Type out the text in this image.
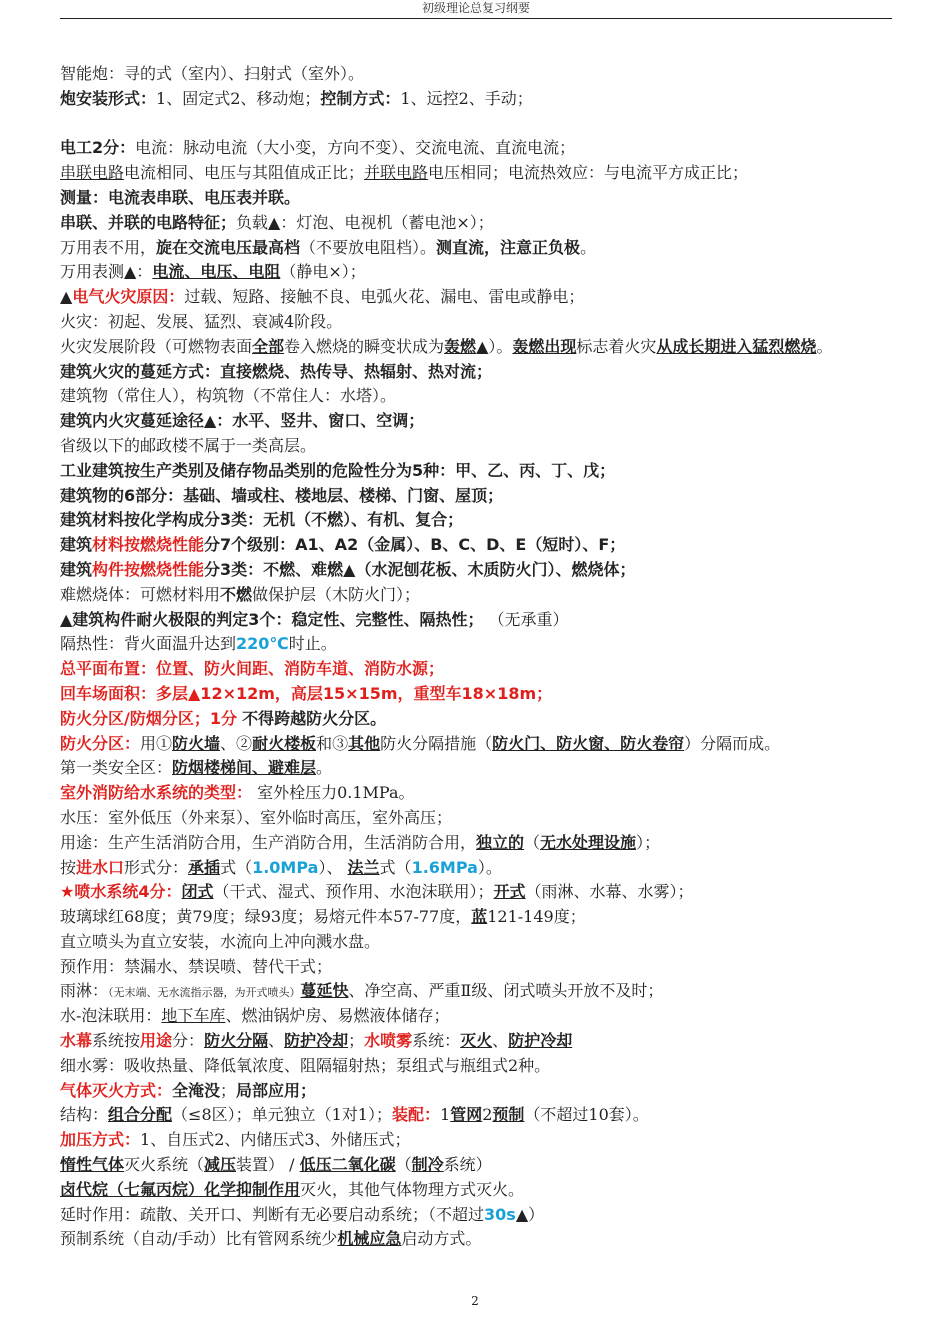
初级理论总复习纲要
智能炮：寻的式（室内）、扫射式（室外）。
炮安装形式：1、固定式2、移动炮；控制方式：1、远控2、手动；
电工2分：电流：脉动电流（大小变，方向不变）、交流电流、直流电流；
串联电路电流相同、电压与其阻值成正比；并联电路电压相同；电流热效应：与电流平方成正比；
测量：电流表串联、电压表并联。
串联、并联的电路特征；负载▲：灯泡、电视机（蓄电池×）；
万用表不用，旋在交流电压最高档（不要放电阻档）。测直流，注意正负极。
万用表测▲：电流、电压、电阻（静电×）；
▲电气火灾原因：过载、短路、接触不良、电弧火花、漏电、雷电或静电；
火灾：初起、发展、猛烈、衰减4阶段。
火灾发展阶段（可燃物表面全部卷入燃烧的瞬变状成为轰燃▲）。轰燃出现标志着火灾从成长期进入猛烈燃烧。
建筑火灾的蔓延方式：直接燃烧、热传导、热辐射、热对流；
建筑物（常住人），构筑物（不常住人：水塔）。
建筑内火灾蔓延途径▲：水平、竖井、窗口、空调；
省级以下的邮政楼不属于一类高层。
工业建筑按生产类别及储存物品类别的危险性分为5种：甲、乙、丙、丁、戊；
建筑物的6部分：基础、墙或柱、楼地层、楼梯、门窗、屋顶；
建筑材料按化学构成分3类：无机（不燃）、有机、复合；
建筑材料按燃烧性能分7个级别：A1、A2（金属）、B、C、D、E（短时）、F；
建筑构件按燃烧性能分3类：不燃、难燃▲（水泥刨花板、木质防火门）、燃烧体；
难燃烧体：可燃材料用不燃做保护层（木防火门）；
▲建筑构件耐火极限的判定3个：稳定性、完整性、隔热性； （无承重）
隔热性：背火面温升达到220℃时止。
总平面布置：位置、防火间距、消防车道、消防水源；
回车场面积：多层▲12×12m，高层15×15m，重型车18×18m；
防火分区/防烟分区；1分 不得跨越防火分区。
防火分区：用①防火墙、②耐火楼板和③其他防火分隔措施（防火门、防火窗、防火卷帘）分隔而成。
第一类安全区：防烟楼梯间、避难层。
室外消防给水系统的类型： 室外栓压力0.1MPa。
水压：室外低压（外来泵）、室外临时高压，室外高压；
用途：生产生活消防合用，生产消防合用，生活消防合用，独立的（无水处理设施）；
按进水口形式分：承插式（1.0MPa）、 法兰式（1.6MPa）。
★喷水系统4分：闭式（干式、湿式、预作用、水泡沫联用）；开式（雨淋、水幕、水雾）；
玻璃球红68度；黄79度；绿93度；易熔元件本57-77度，蓝121-149度；
直立喷头为直立安装，水流向上冲向溅水盘。
预作用：禁漏水、禁误喷、替代干式；
雨淋：（无末端、无水流指示器，为开式喷头）蔓延快、净空高、严重Ⅱ级、闭式喷头开放不及时；
水-泡沫联用：地下车库、燃油锅炉房、易燃液体储存；
水幕系统按用途分：防火分隔、防护冷却；水喷雾系统：灭火、防护冷却
细水雾：吸收热量、降低氧浓度、阻隔辐射热；泵组式与瓶组式2种。
气体灭火方式：全淹没；局部应用；
结构：组合分配（≤8区）；单元独立（1对1）；装配：1管网2预制（不超过10套）。
加压方式：1、自压式2、内储压式3、外储压式；
惰性气体灭火系统（减压装置） / 低压二氧化碳（制冷系统）
卤代烷（七氟丙烷）化学抑制作用灭火，其他气体物理方式灭火。
延时作用：疏散、关开口、判断有无必要启动系统；（不超过30s▲）
预制系统（自动/手动）比有管网系统少机械应急启动方式。
2
